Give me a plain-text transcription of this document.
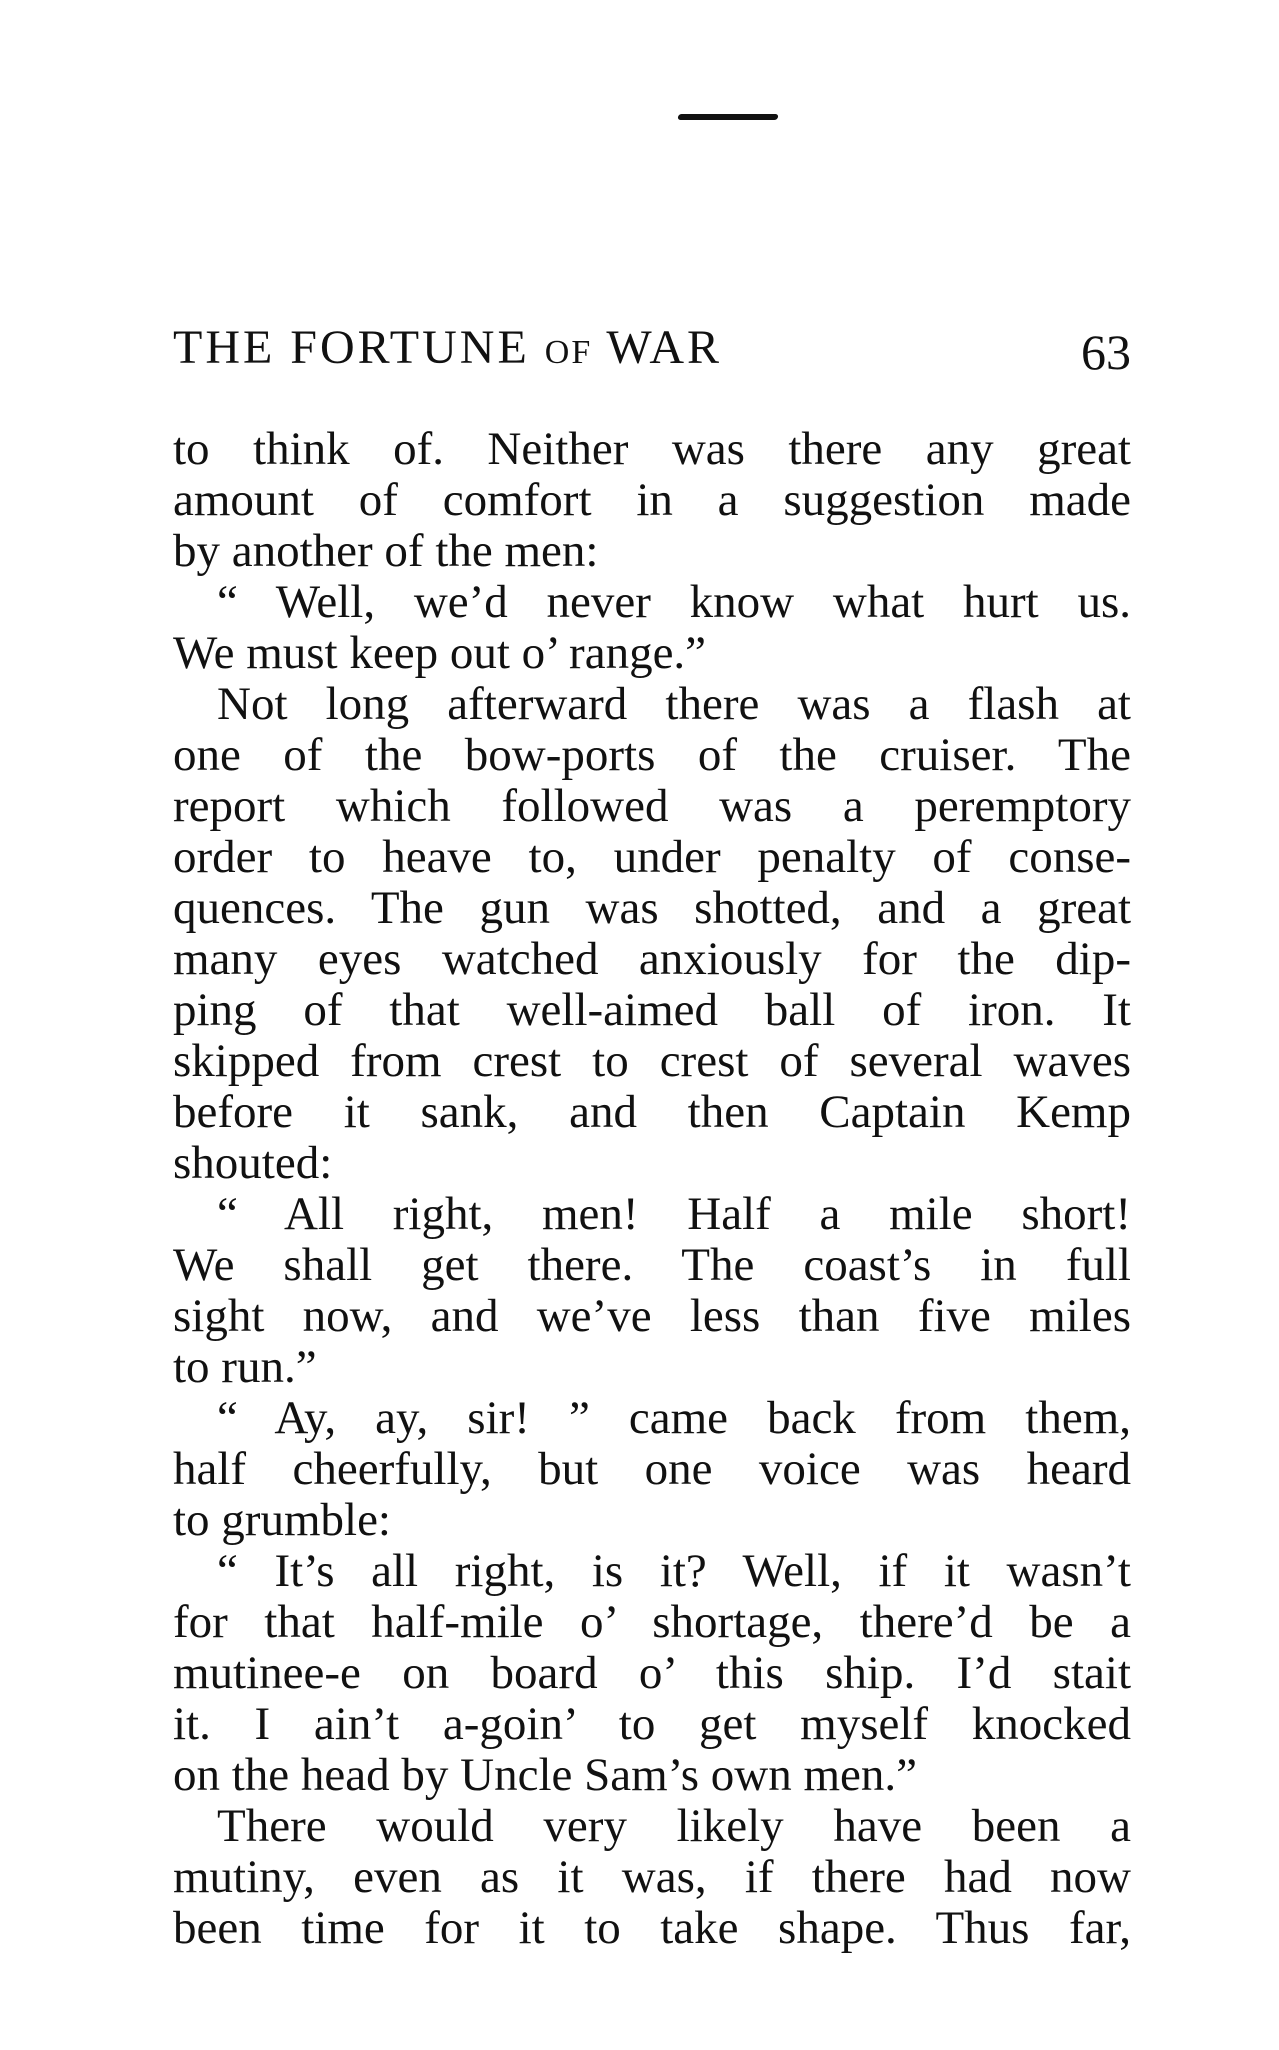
THE FORTUNE OF WAR	63
to think of. Neither was there any great
amount of comfort in a suggestion made
by another of the men:
“ Well, we’d never know what hurt us.
We must keep out o’ range.”
Not long afterward there was a flash at
one of the bow-ports of the cruiser. The
report which followed was a peremptory
order to heave to, under penalty of conse-
quences. The gun was shotted, and a great
many eyes watched anxiously for the dip-
ping of that well-aimed ball of iron. It
skipped from crest to crest of several waves
before it sank, and then Captain Kemp
shouted:
“ All right, men! Half a mile short!
We shall get there. The coast’s in full
sight now, and we’ve less than five miles
to run.”
“ Ay, ay, sir! ” came back from them,
half cheerfully, but one voice was heard
to grumble:
“ It’s all right, is it? Well, if it wasn’t
for that half-mile o’ shortage, there’d be a
mutinee-e on board o’ this ship. I’d stait
it. I ain’t a-goin’ to get myself knocked
on the head by Uncle Sam’s own men.”
There would very likely have been a
mutiny, even as it was, if there had now
been time for it to take shape. Thus far,
